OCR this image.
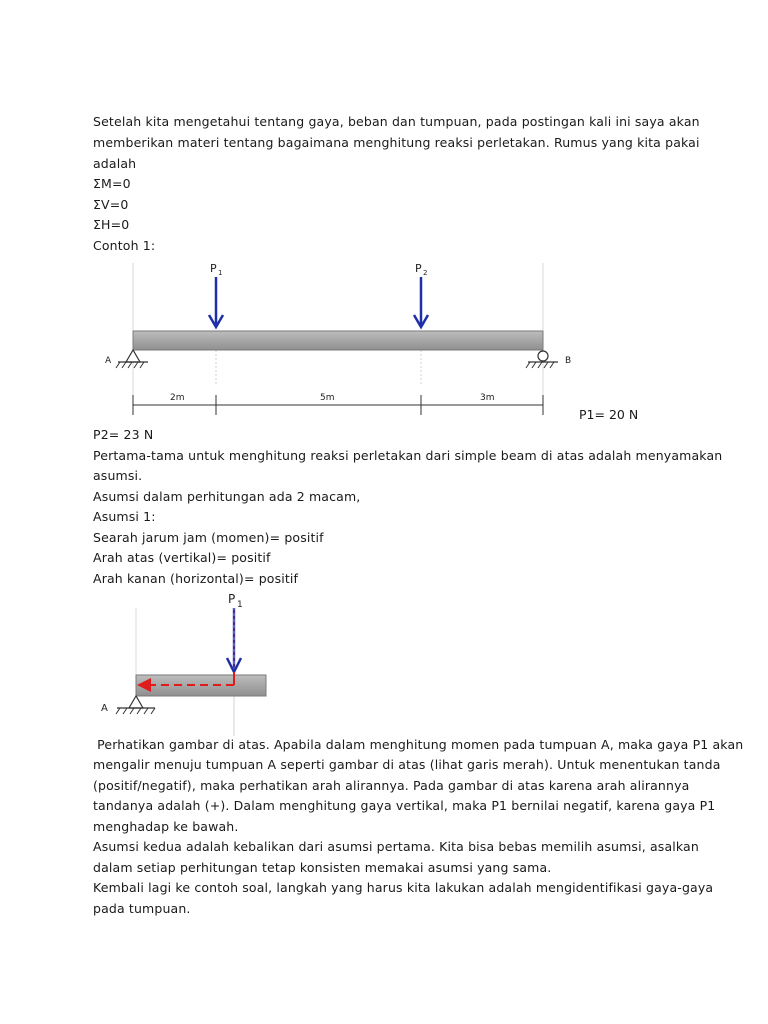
Setelah kita mengetahui tentang gaya, beban dan tumpuan, pada postingan kali ini saya akan
memberikan materi tentang bagaimana menghitung reaksi perletakan. Rumus yang kita pakai
adalah
ΣM=0
ΣV=0
ΣH=0
Contoh 1:
P 1	P 2
A	B
2m	5m	3m
P1= 20 N
P2= 23 N
Pertama-tama untuk menghitung reaksi perletakan dari simple beam di atas adalah menyamakan
asumsi.
Asumsi dalam perhitungan ada 2 macam,
Asumsi 1:
Searah jarum jam (momen)= positif
Arah atas (vertikal)= positif
Arah kanan (horizontal)= positif
P 1
A
Perhatikan gambar di atas. Apabila dalam menghitung momen pada tumpuan A, maka gaya P1 akan
mengalir menuju tumpuan A seperti gambar di atas (lihat garis merah). Untuk menentukan tanda
(positif/negatif), maka perhatikan arah alirannya. Pada gambar di atas karena arah alirannya
tandanya adalah (+). Dalam menghitung gaya vertikal, maka P1 bernilai negatif, karena gaya P1
menghadap ke bawah.
Asumsi kedua adalah kebalikan dari asumsi pertama. Kita bisa bebas memilih asumsi, asalkan
dalam setiap perhitungan tetap konsisten memakai asumsi yang sama.
Kembali lagi ke contoh soal, langkah yang harus kita lakukan adalah mengidentifikasi gaya-gaya
pada tumpuan.
